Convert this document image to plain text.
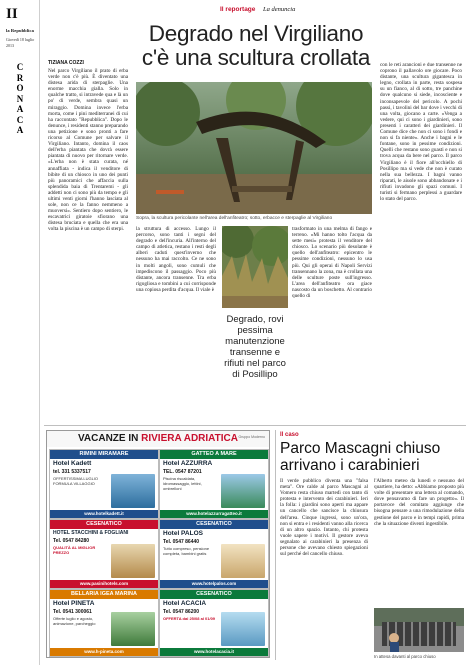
II
la Repubblica
Giovedì 18 luglio 2013
C
R
O
N
A
C
A
Il reportage La denuncia
Degrado nel Virgiliano c'è una scultura crollata
TIZIANA COZZI
Nel parco Virgiliano il prato di erba verde non c'è più. È diventato una distesa arida di sterpaglie. Una enorme macchia gialla. Solo in qualche tratto, si intravede qua e là un po' di verde, sembra quasi un miraggio. Domina invece l'erba morta, come i pini mediterranei di cui ha raccontato "Repubblica". Dopo le denunce, i residenti stanno preparando una petizione e sono pronti a fare ricorso al Comune per salvare il Virgiliano. Intanto, domina il caos dell'erba piantata che dovrà essere piantata di nuovo per ritornare verde. «L'erba non è stata curata, né annaffiata - indica il venditore di bibite di un chiosco in uno dei punti più panoramici che affaccia sulla splendida baia di Trentaremi - gli addetti non ci sono più da tempo e gli ultimi venti giorni l'hanno lasciata al sole, non ce la fanno nemmeno a muoversi». Sentiero dopo sentiero, le escavatrici giratoie sfiorano una distesa bruciata e quella che era una volta la piscina è un campo di sterpi.
Sopra, la scultura pericolante nell'area dell'anfiteatro; sotto, erbacce e sterpaglie al Virgiliano
la struttura di accesso. Lungo il percorso, sono tanti i segni del degrado e dell'incuria. All'interno del campo di atletica, restano i resti degli alberi caduti quest'inverno che nessuno ha mai raccolto. Ce ne sono in molti angoli, sono cumuli che impediscono il passaggio. Poco più distante, ancora transenne. Tra erba rigogliosa e tombini a cui corrisponde una copiosa perdita d'acqua. Il viale è
Degrado, rovi pessima manutenzione transenne e rifiuti nel parco di Posillipo
trasformato in una melma di fango e terreno. «Mi hanno tolto l'acqua da sette mesi» protesta il venditore del chiosco. Lo scenario più desolante è quello dell'anfiteatro: epicentro le pessime condizioni, nessuno lo usa più. Qui gli operai di Napoli Servizi transennano la zona, ma è crollata una delle sculture poste sull'ingresso. L'area dell'anfiteatro ora giace nascosto da un boschetto. Al contrario quello di
con le reti arancioni e due transenne ne coprono il pallavolo ore giocare. Poco distante, una scultura gigantesca in legno, crollata in parte, resta sospesa su un fianco, al di sotto, tre panchine dove qualcuno si siede, incosciente e inconsapevole del pericolo. A pochi passi, i tavolini del bar dove i vecchi di una volta, giocano a carte. «Venga a vedere, qui ci sono i giardinieri, sono presenti i caratteri dei giardinieri. Il Comune dice che non ci sono i fondi e non si fa niente». Anche i bagni e le fontane, sono in pessime condizioni. Quelli che restano sono guasti e non si trova acqua da bere nel parco. Il parco Virgiliano è il fiore all'occhiello di Posillipo ma si vede che non è curato nella sua bellezza. I bagni vanno riparati, le aiuole sono abbandonate e i rifiuti invadono gli spazi comuni. I turisti si fermano perplessi a guardare lo stato del parco.
VACANZE IN RIVIERA ADRIATICA Gruppo Moderno
RIMINI MIRAMARE
Hotel Kadett
tel. 331 5337517
OFFERTISSIMA LUGLIO FORMULA VILLAGGIO
www.hotelkadett.it
GATTEO A MARE
Hotel AZZURRA
TEL. 0547 87201
Piscina riscaldata, idromassaggio, lettini, ombrelloni
www.hotelazzurragatteo.it
CESENATICO
HOTEL STACCHINI & FOGLIANI
Tel. 0547 84280
QUALITÀ AL MIGLIOR PREZZO
www.pasinihotels.com
CESENATICO
Hotel PALOS
Tel. 0547 86440
Tutto compreso, pensione completa, bambini gratis
www.hotelpalos.com
BELLARIA IGEA MARINA
Hotel PINETA
Tel. 0541 300061
Offerte luglio e agosto, animazione, parcheggio
www.h-pineta.com
CESENATICO
Hotel ACACIA
Tel. 0547 86200
OFFERTA dal 25/08 al 01/09
www.hotelacacia.it
Il caso
Parco Mascagni chiuso arrivano i carabinieri
Il verde pubblico diventa una "falsa meta". Ore calde al parco Mascagni al Vomero resta chiuso martedì con tanto di protesta e intervento dei carabinieri. Ieri la folla: i giardini sono aperti ma appare un cancello che sancisce la chiusura dell'area. Cinque ingressi, sono un'ora, non si entra e i residenti vanno alla ricerca di un altro spazio. Intanto, chi protesta vuole sapere i motivi. Il gestore aveva segnalato ai carabinieri la presenza di persone che avevano chiesto spiegazioni sul perché del cancello chiuso.
l'Alberto meteo da lunedì e nessuno del quartiere, ha detto: «Abbiamo proposto più volte di presentare una lettera al comando, dove pensavamo di fare un progetto». Il portavoce del comitato aggiunge che bisogna pensare a una rimodulazione della gestione del parco e in tempi rapidi, prima che la situazione diventi ingestibile.
In attesa davanti al parco chiuso
